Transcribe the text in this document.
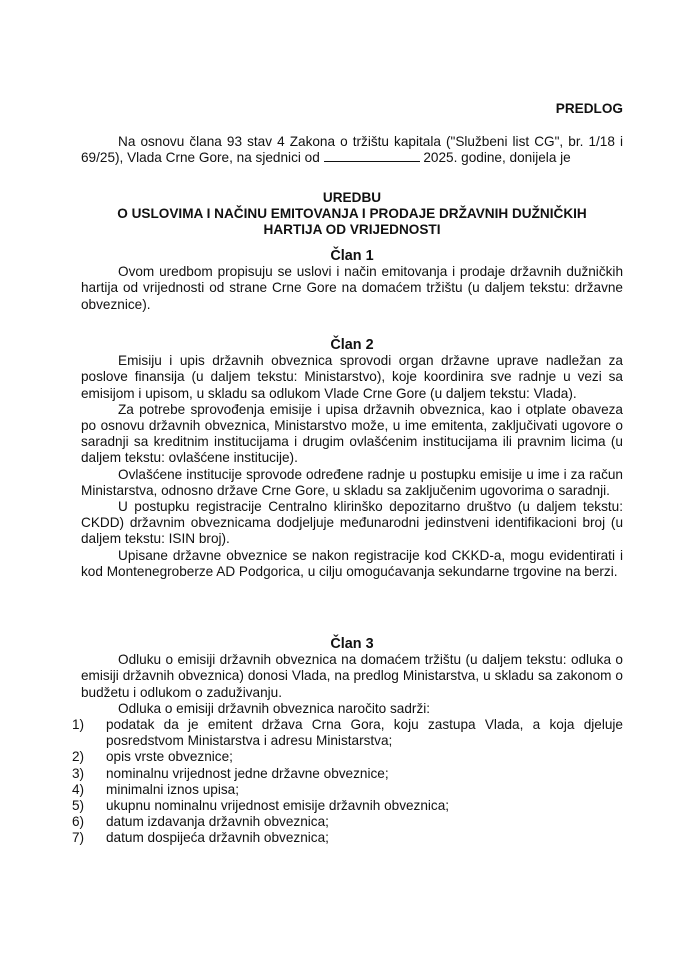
PREDLOG

Na osnovu člana 93 stav 4 Zakona o tržištu kapitala ("Službeni list CG", br. 1/18 i 69/25), Vlada Crne Gore, na sjednici od	2025. godine, donijela je

UREDBU
O USLOVIMA I NAČINU EMITOVANJA I PRODAJE DRŽAVNIH DUŽNIČKIH
HARTIJA OD VRIJEDNOSTI

Član 1

Ovom uredbom propisuju se uslovi i način emitovanja i prodaje državnih dužničkih hartija od vrijednosti od strane Crne Gore na domaćem tržištu (u daljem tekstu: državne obveznice).

Član 2

Emisiju i upis državnih obveznica sprovodi organ državne uprave nadležan za poslove finansija (u daljem tekstu: Ministarstvo), koje koordinira sve radnje u vezi sa emisijom i upisom, u skladu sa odlukom Vlade Crne Gore (u daljem tekstu: Vlada).

Za potrebe sprovođenja emisije i upisa državnih obveznica, kao i otplate obaveza po osnovu državnih obveznica, Ministarstvo može, u ime emitenta, zaključivati ugovore o saradnji sa kreditnim institucijama i drugim ovlašćenim institucijama ili pravnim licima (u daljem tekstu: ovlašćene institucije).

Ovlašćene institucije sprovode određene radnje u postupku emisije u ime i za račun Ministarstva, odnosno države Crne Gore, u skladu sa zaključenim ugovorima o saradnji.

U postupku registracije Centralno klirinško depozitarno društvo (u daljem tekstu: CKDD) državnim obveznicama dodjeljuje međunarodni jedinstveni identifikacioni broj (u daljem tekstu: ISIN broj).

Upisane državne obveznice se nakon registracije kod CKKD-a, mogu evidentirati i kod Montenegroberze AD Podgorica, u cilju omogućavanja sekundarne trgovine na berzi.

Član 3

Odluku o emisiji državnih obveznica na domaćem tržištu (u daljem tekstu: odluka o emisiji državnih obveznica) donosi Vlada, na predlog Ministarstva, u skladu sa zakonom o budžetu i odlukom o zaduživanju.

Odluka o emisiji državnih obveznica naročito sadrži:

1) podatak da je emitent država Crna Gora, koju zastupa Vlada, a koja djeluje posredstvom Ministarstva i adresu Ministarstva;
2) opis vrste obveznice;
3) nominalnu vrijednost jedne državne obveznice;
4) minimalni iznos upisa;
5) ukupnu nominalnu vrijednost emisije državnih obveznica;
6) datum izdavanja državnih obveznica;
7) datum dospijeća državnih obveznica;
